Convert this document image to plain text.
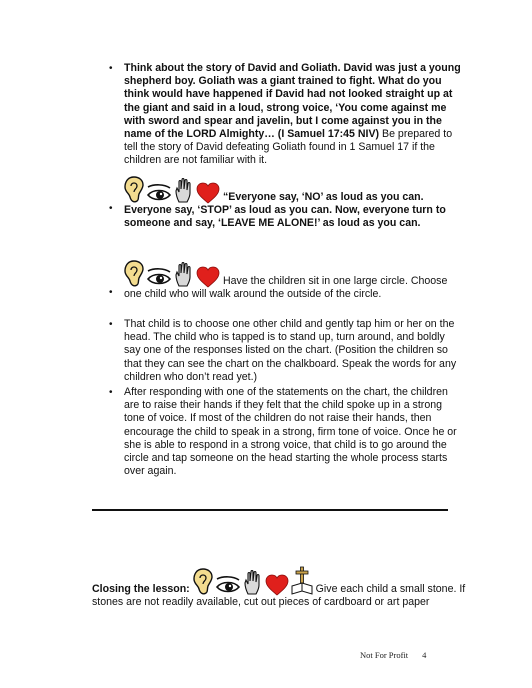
• Think about the story of David and Goliath. David was just a young shepherd boy. Goliath was a giant trained to fight. What do you think would have happened if David had not looked straight up at the giant and said in a loud, strong voice, ‘You come against me with sword and spear and javelin, but I come against you in the name of the LORD Almighty… (I Samuel 17:45 NIV) Be prepared to tell the story of David defeating Goliath found in 1 Samuel 17 if the children are not familiar with it.
•
“Everyone say, ‘NO’ as loud as you can. Everyone say, ‘STOP’ as loud as you can. Now, everyone turn to someone and say, ‘LEAVE ME ALONE!’ as loud as you can.
•
Have the children sit in one large circle. Choose one child who will walk around the outside of the circle.
• That child is to choose one other child and gently tap him or her on the head. The child who is tapped is to stand up, turn around, and boldly say one of the responses listed on the chart. (Position the children so that they can see the chart on the chalkboard. Speak the words for any children who don’t read yet.)
• After responding with one of the statements on the chart, the children are to raise their hands if they felt that the child spoke up in a strong tone of voice. If most of the children do not raise their hands, then encourage the child to speak in a strong, firm tone of voice. Once he or she is able to respond in a strong voice, that child is to go around the circle and tap someone on the head starting the whole process starts over again.
Closing the lesson:	Give each child a small stone. If stones are not readily available, cut out pieces of cardboard or art paper
Not For Profit 4
